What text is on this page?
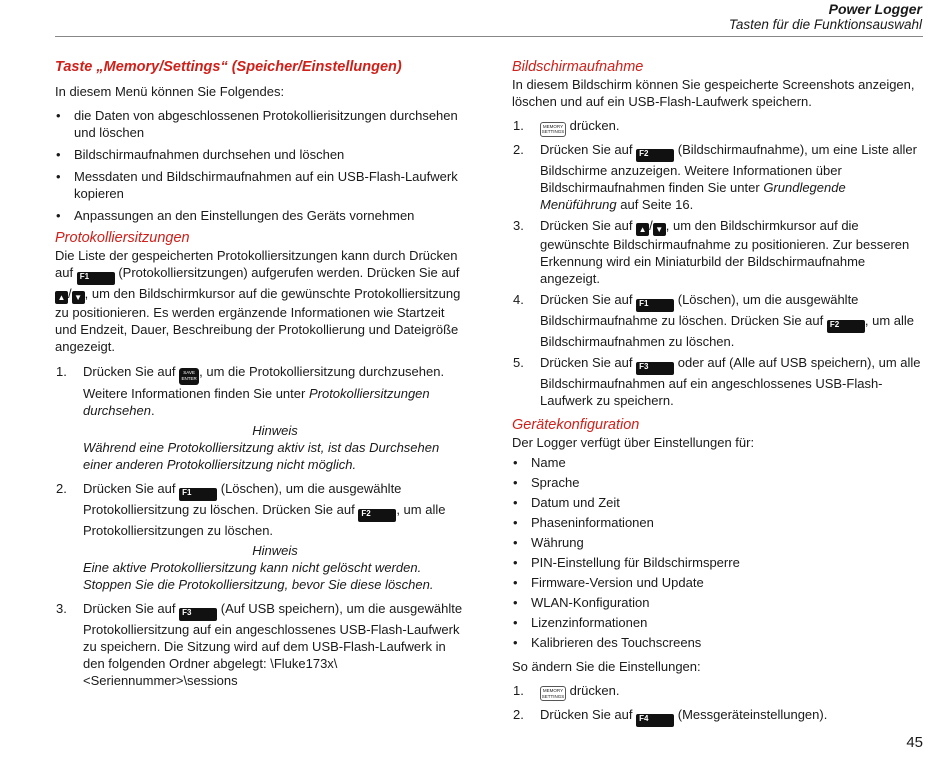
Power Logger
Tasten für die Funktionsauswahl
Taste „Memory/Settings“ (Speicher/Einstellungen)

In diesem Menü können Sie Folgendes:

• die Daten von abgeschlossenen Protokollierisitzungen durchsehen und löschen
• Bildschirmaufnahmen durchsehen und löschen
• Messdaten und Bildschirmaufnahmen auf ein USB-Flash-Laufwerk kopieren
• Anpassungen an den Einstellungen des Geräts vornehmen
Protokolliersitzungen

Die Liste der gespeicherten Protokolliersitzungen kann durch Drücken auf F1 (Protokolliersitzungen) aufgerufen werden. Drücken Sie auf ▲ / ▼ , um den Bildschirmkursor auf die gewünschte Protokolliersitzung zu positionieren. Es werden ergänzende Informationen wie Startzeit und Endzeit, Dauer, Beschreibung der Protokollierung und Dateigröße angezeigt.

1. Drücken Sie auf SAVE ENTER , um die Protokolliersitzung durchzusehen. Weitere Informationen finden Sie unter Protokolliersitzungen durchsehen.
Hinweis
Während eine Protokolliersitzung aktiv ist, ist das Durchsehen einer anderen Protokolliersitzung nicht möglich.
2. Drücken Sie auf F1 (Löschen), um die ausgewählte Protokolliersitzung zu löschen. Drücken Sie auf F2 , um alle Protokolliersitzungen zu löschen.
Hinweis
Eine aktive Protokolliersitzung kann nicht gelöscht werden. Stoppen Sie die Protokolliersitzung, bevor Sie diese löschen.
3. Drücken Sie auf F3 (Auf USB speichern), um die ausgewählte Protokolliersitzung auf ein angeschlossenes USB-Flash-Laufwerk zu speichern. Die Sitzung wird auf dem USB-Flash-Laufwerk in den folgenden Ordner abgelegt: \Fluke173x\<Seriennummer>\sessions
Bildschirmaufnahme

In diesem Bildschirm können Sie gespeicherte Screenshots anzeigen, löschen und auf ein USB-Flash-Laufwerk speichern.

1.	MEMORY SETTINGS drücken.
2. Drücken Sie auf F2 (Bildschirmaufnahme), um eine Liste aller Bildschirme anzuzeigen. Weitere Informationen über Bildschirmaufnahmen finden Sie unter Grundlegende Menüführung auf Seite 16.
3. Drücken Sie auf ▲ / ▼ , um den Bildschirmkursor auf die gewünschte Bildschirmaufnahme zu positionieren. Zur besseren Erkennung wird ein Miniaturbild der Bildschirmaufnahme angezeigt.
4. Drücken Sie auf F1 (Löschen), um die ausgewählte Bildschirmaufnahme zu löschen. Drücken Sie auf F2 , um alle Bildschirmaufnahmen zu löschen.
5. Drücken Sie auf F3 oder auf (Alle auf USB speichern), um alle Bildschirmaufnahmen auf ein angeschlossenes USB-Flash-Laufwerk zu speichern.
Gerätekonfiguration

Der Logger verfügt über Einstellungen für:

• Name
• Sprache
• Datum und Zeit
• Phaseninformationen
• Währung
• PIN-Einstellung für Bildschirmsperre
• Firmware-Version und Update
• WLAN-Konfiguration
• Lizenzinformationen
• Kalibrieren des Touchscreens

So ändern Sie die Einstellungen:

1.	MEMORY SETTINGS drücken.
2. Drücken Sie auf F4 (Messgeräteinstellungen).
45
